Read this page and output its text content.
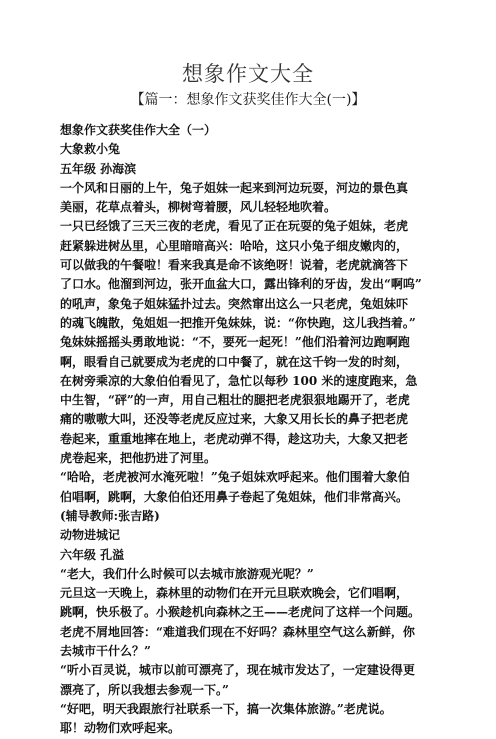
想象作文大全
【篇一：想象作文获奖佳作大全(一)】
想象作文获奖佳作大全（一）
大象救小兔
五年级 孙海滨
一个风和日丽的上午，兔子姐妹一起来到河边玩耍，河边的景色真
美丽，花草点着头，柳树弯着腰，风儿轻轻地吹着。
一只已经饿了三天三夜的老虎，看见了正在玩耍的兔子姐妹，老虎
赶紧躲进树丛里，心里暗暗高兴：哈哈，这只小兔子细皮嫩肉的，
可以做我的午餐啦！看来我真是命不该绝呀！说着，老虎就滴答下
了口水。他溜到河边，张开血盆大口，露出锋利的牙齿，发出“啊呜”
的吼声，象兔子姐妹猛扑过去。突然窜出这么一只老虎，兔姐妹吓
的魂飞魄散，兔姐姐一把推开兔妹妹，说：“你快跑，这儿我挡着。”
兔妹妹摇摇头勇敢地说：“不，要死一起死！”他们沿着河边跑啊跑
啊，眼看自己就要成为老虎的口中餐了，就在这千钧一发的时刻，
在树旁乘凉的大象伯伯看见了，急忙以每秒 100 米的速度跑来，急
中生智，“砰”的一声，用自己粗壮的腿把老虎狠狠地踢开了，老虎
痛的嗷嗷大叫，还没等老虎反应过来，大象又用长长的鼻子把老虎
卷起来，重重地摔在地上，老虎动弹不得，趁这功夫，大象又把老
虎卷起来，把他扔进了河里。
“哈哈，老虎被河水淹死啦！”兔子姐妹欢呼起来。他们围着大象伯
伯唱啊，跳啊，大象伯伯还用鼻子卷起了兔姐妹，他们非常高兴。
(辅导教师:张吉路)
动物进城记
六年级 孔溢
“老大，我们什么时候可以去城市旅游观光呢？”
元旦这一天晚上，森林里的动物们在开元旦联欢晚会，它们唱啊，
跳啊，快乐极了。小猴趁机向森林之王——老虎问了这样一个问题。
老虎不屑地回答：“难道我们现在不好吗？森林里空气这么新鲜，你
去城市干什么？”
“听小百灵说，城市以前可漂亮了，现在城市发达了，一定建设得更
漂亮了，所以我想去参观一下。”
“好吧，明天我跟旅行社联系一下，搞一次集体旅游。”老虎说。
耶！动物们欢呼起来。
